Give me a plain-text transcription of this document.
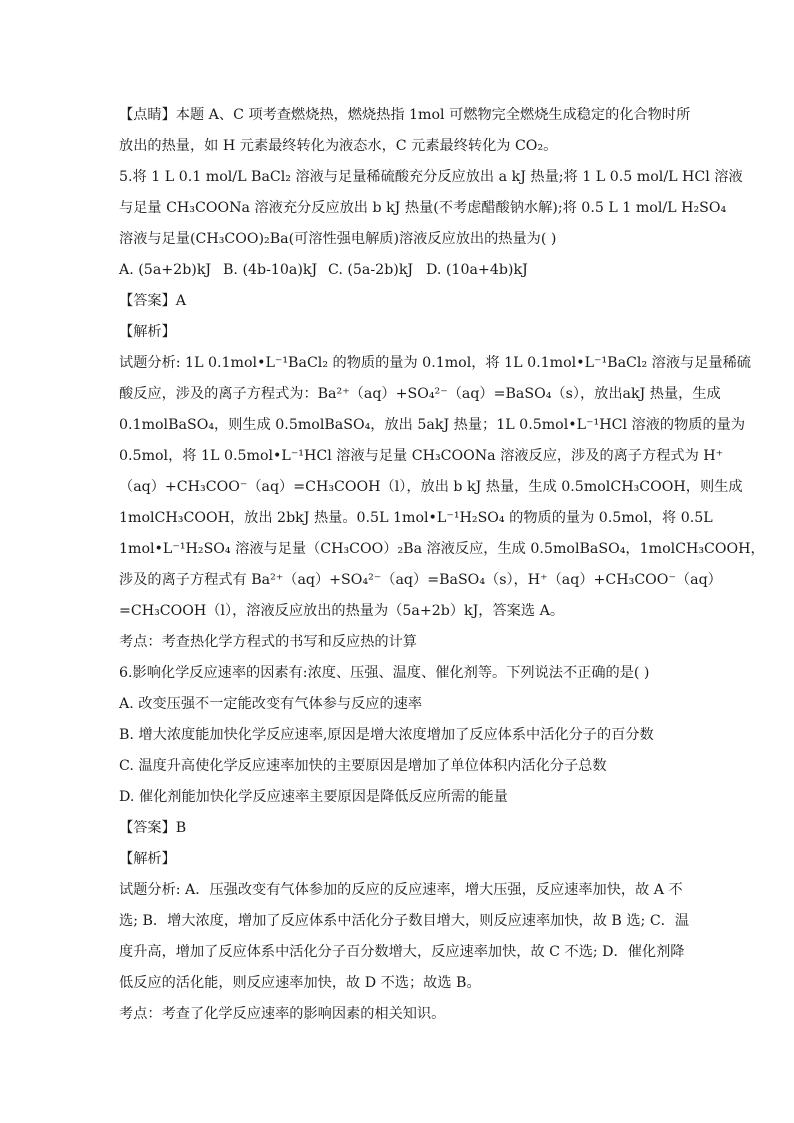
【点睛】本题 A、C 项考查燃烧热，燃烧热指 1mol 可燃物完全燃烧生成稳定的化合物时所
放出的热量，如 H 元素最终转化为液态水，C 元素最终转化为 CO₂。
5.将 1 L 0.1 mol/L BaCl₂ 溶液与足量稀硫酸充分反应放出 a kJ 热量;将 1 L 0.5 mol/L HCl 溶液
与足量 CH₃COONa 溶液充分反应放出 b kJ 热量(不考虑醋酸钠水解);将 0.5 L 1 mol/L H₂SO₄
溶液与足量(CH₃COO)₂Ba(可溶性强电解质)溶液反应放出的热量为( )
A. (5a+2b)kJ B. (4b-10a)kJ C. (5a-2b)kJ D. (10a+4b)kJ
【答案】A
【解析】
试题分析: 1L 0.1mol•L⁻¹BaCl₂ 的物质的量为 0.1mol，将 1L 0.1mol•L⁻¹BaCl₂ 溶液与足量稀硫
酸反应，涉及的离子方程式为：Ba²⁺（aq）+SO₄²⁻（aq）=BaSO₄（s），放出akJ 热量，生成
0.1molBaSO₄，则生成 0.5molBaSO₄，放出 5akJ 热量；1L 0.5mol•L⁻¹HCl 溶液的物质的量为
0.5mol，将 1L 0.5mol•L⁻¹HCl 溶液与足量 CH₃COONa 溶液反应，涉及的离子方程式为 H⁺
（aq）+CH₃COO⁻（aq）=CH₃COOH（l），放出 b kJ 热量，生成 0.5molCH₃COOH，则生成
1molCH₃COOH，放出 2bkJ 热量。0.5L 1mol•L⁻¹H₂SO₄ 的物质的量为 0.5mol，将 0.5L
1mol•L⁻¹H₂SO₄ 溶液与足量（CH₃COO）₂Ba 溶液反应，生成 0.5molBaSO₄，1molCH₃COOH，
涉及的离子方程式有 Ba²⁺（aq）+SO₄²⁻（aq）=BaSO₄（s），H⁺（aq）+CH₃COO⁻（aq）
=CH₃COOH（l），溶液反应放出的热量为（5a+2b）kJ，答案选 A。
考点：考查热化学方程式的书写和反应热的计算
6.影响化学反应速率的因素有:浓度、压强、温度、催化剂等。下列说法不正确的是( )
A. 改变压强不一定能改变有气体参与反应的速率
B. 增大浓度能加快化学反应速率,原因是增大浓度增加了反应体系中活化分子的百分数
C. 温度升高使化学反应速率加快的主要原因是增加了单位体积内活化分子总数
D. 催化剂能加快化学反应速率主要原因是降低反应所需的能量
【答案】B
【解析】
试题分析: A．压强改变有气体参加的反应的反应速率，增大压强，反应速率加快，故 A 不
选; B．增大浓度，增加了反应体系中活化分子数目增大，则反应速率加快，故 B 选; C．温
度升高，增加了反应体系中活化分子百分数增大，反应速率加快，故 C 不选; D．催化剂降
低反应的活化能，则反应速率加快，故 D 不选；故选 B。
考点：考查了化学反应速率的影响因素的相关知识。
